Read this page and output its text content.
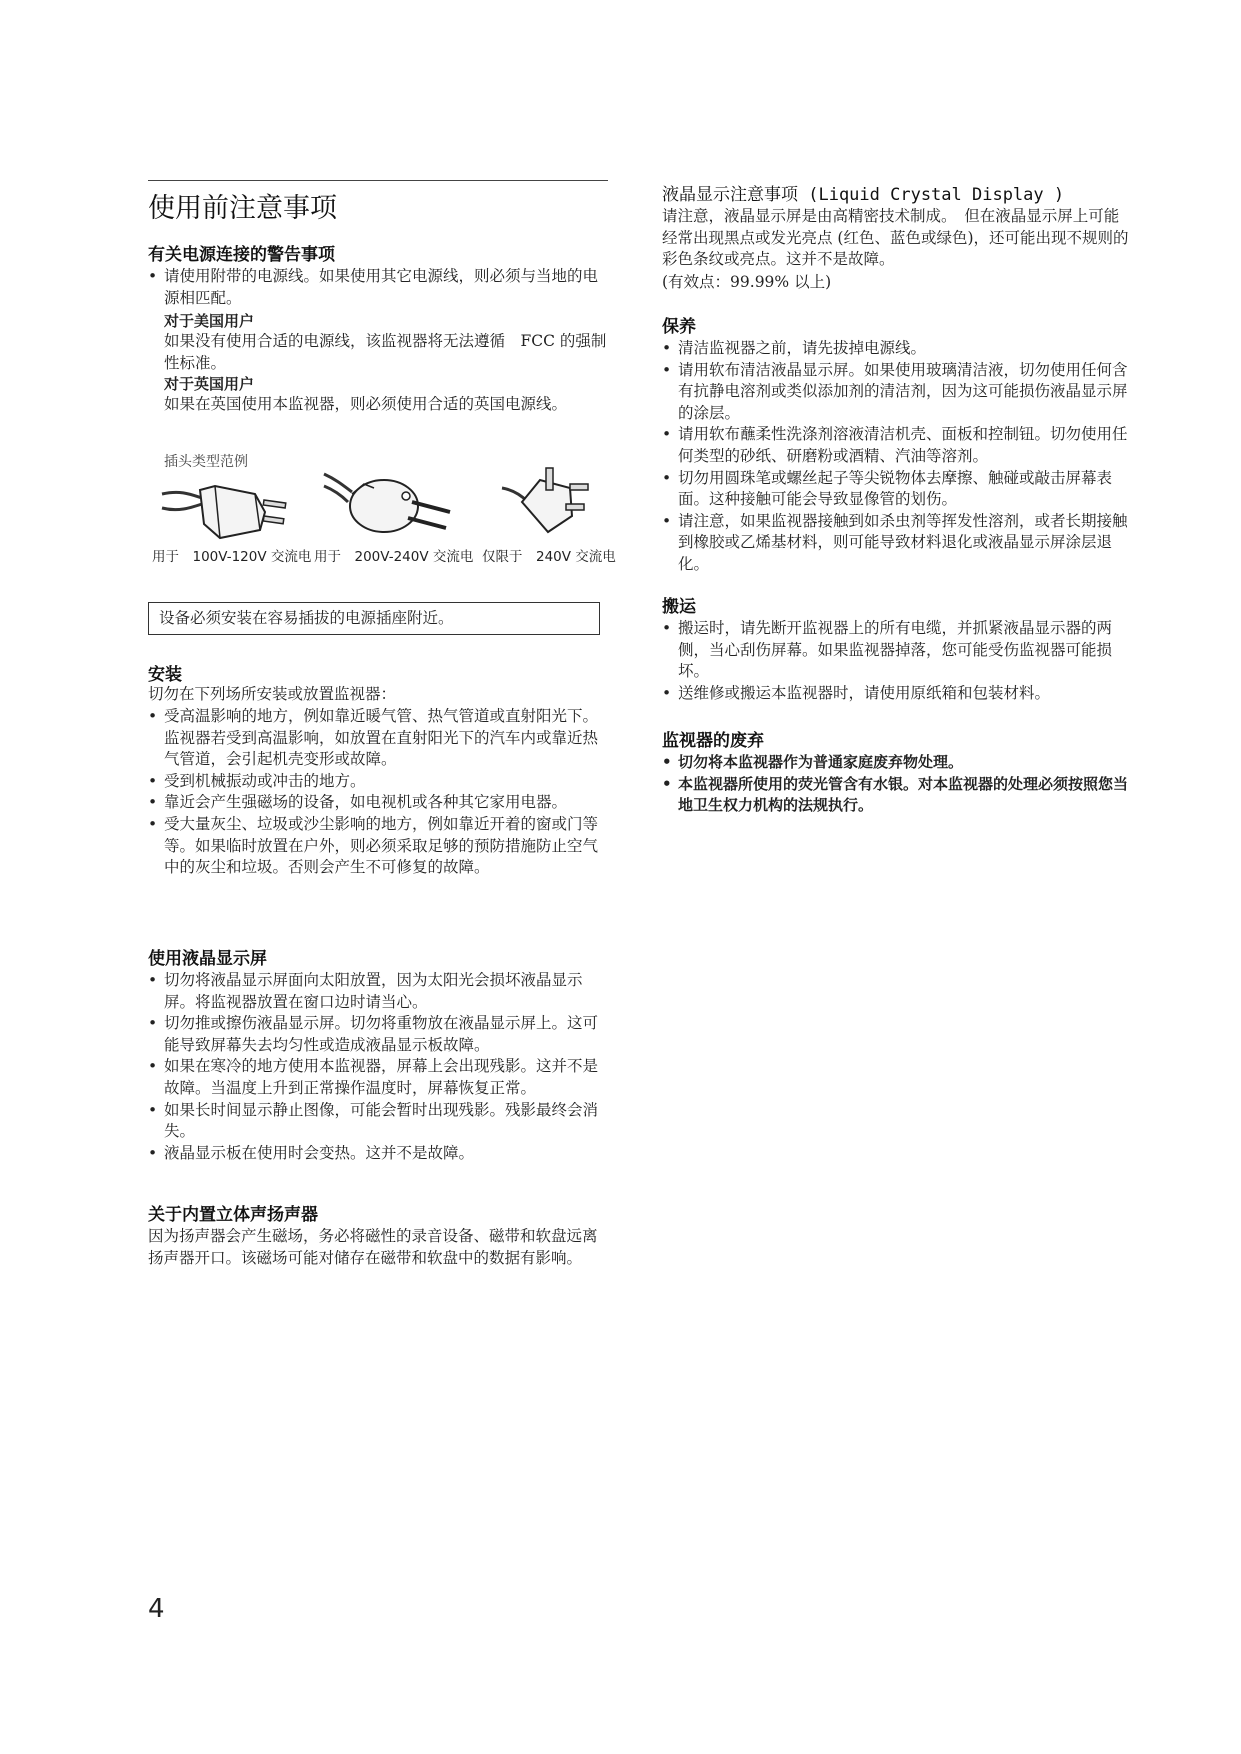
使用前注意事项
有关电源连接的警告事项
• 请使用附带的电源线。如果使用其它电源线，则必须与当地的电源相匹配。
对于美国用户
如果没有使用合适的电源线，该监视器将无法遵循　FCC 的强制性标准。
对于英国用户
如果在英国使用本监视器，则必须使用合适的英国电源线。
插头类型范例
用于　100V-120V 交流电 用于　200V-240V 交流电 仅限于　240V 交流电
设备必须安装在容易插拔的电源插座附近。
安装

切勿在下列场所安装或放置监视器：

• 受高温影响的地方，例如靠近暖气管、热气管道或直射阳光下。监视器若受到高温影响，如放置在直射阳光下的汽车内或靠近热气管道，会引起机壳变形或故障。
• 受到机械振动或冲击的地方。
• 靠近会产生强磁场的设备，如电视机或各种其它家用电器。
• 受大量灰尘、垃圾或沙尘影响的地方，例如靠近开着的窗或门等等。如果临时放置在户外，则必须采取足够的预防措施防止空气中的灰尘和垃圾。否则会产生不可修复的故障。
使用液晶显示屏
• 切勿将液晶显示屏面向太阳放置，因为太阳光会损坏液晶显示屏。将监视器放置在窗口边时请当心。
• 切勿推或擦伤液晶显示屏。切勿将重物放在液晶显示屏上。这可能导致屏幕失去均匀性或造成液晶显示板故障。
• 如果在寒冷的地方使用本监视器，屏幕上会出现残影。这并不是故障。当温度上升到正常操作温度时，屏幕恢复正常。
• 如果长时间显示静止图像，可能会暂时出现残影。残影最终会消失。
• 液晶显示板在使用时会变热。这并不是故障。
关于内置立体声扬声器

因为扬声器会产生磁场，务必将磁性的录音设备、磁带和软盘远离扬声器开口。该磁场可能对储存在磁带和软盘中的数据有影响。

液晶显示注意事项 (Liquid Crystal Display )

请注意，液晶显示屏是由高精密技术制成。　但在液晶显示屏上可能经常出现黑点或发光亮点 (红色、蓝色或绿色)，还可能出现不规则的彩色条纹或亮点。这并不是故障。

(有效点：99.99% 以上)

保养
• 清洁监视器之前，请先拔掉电源线。
• 请用软布清洁液晶显示屏。如果使用玻璃清洁液，切勿使用任何含有抗静电溶剂或类似添加剂的清洁剂，因为这可能损伤液晶显示屏的涂层。
• 请用软布蘸柔性洗涤剂溶液清洁机壳、面板和控制钮。切勿使用任何类型的砂纸、研磨粉或酒精、汽油等溶剂。
• 切勿用圆珠笔或螺丝起子等尖锐物体去摩擦、触碰或敲击屏幕表面。这种接触可能会导致显像管的划伤。
• 请注意，如果监视器接触到如杀虫剂等挥发性溶剂，或者长期接触到橡胶或乙烯基材料，则可能导致材料退化或液晶显示屏涂层退化。
搬运
• 搬运时，请先断开监视器上的所有电缆，并抓紧液晶显示器的两侧，当心刮伤屏幕。如果监视器掉落，您可能受伤监视器可能损坏。
• 送维修或搬运本监视器时，请使用原纸箱和包装材料。
监视器的废弃
• 切勿将本监视器作为普通家庭废弃物处理。
• 本监视器所使用的荧光管含有水银。对本监视器的处理必须按照您当地卫生权力机构的法规执行。
4
